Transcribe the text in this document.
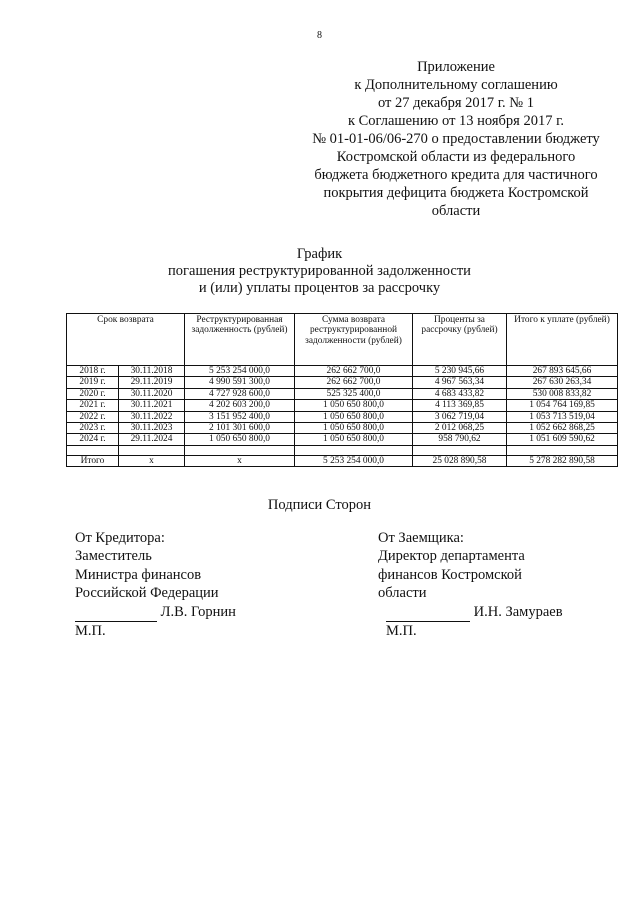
8
Приложение
к Дополнительному соглашению
от 27 декабря 2017 г. № 1
к Соглашению от 13 ноября 2017 г.
№ 01-01-06/06-270 о предоставлении бюджету
Костромской области из федерального
бюджета бюджетного кредита для частичного
покрытия дефицита бюджета Костромской
области
График
погашения реструктурированной задолженности
и (или) уплаты процентов за рассрочку
Срок возврата		Реструктурированная задолженность (рублей)	Сумма возврата реструктурированной задолженности (рублей)	Проценты за рассрочку (рублей)	Итого к уплате (рублей)
2018 г.	30.11.2018	5 253 254 000,0	262 662 700,0	5 230 945,66	267 893 645,66
2019 г.	29.11.2019	4 990 591 300,0	262 662 700,0	4 967 563,34	267 630 263,34
2020 г.	30.11.2020	4 727 928 600,0	525 325 400,0	4 683 433,82	530 008 833,82
2021 г.	30.11.2021	4 202 603 200,0	1 050 650 800,0	4 113 369,85	1 054 764 169,85
2022 г.	30.11.2022	3 151 952 400,0	1 050 650 800,0	3 062 719,04	1 053 713 519,04
2023 г.	30.11.2023	2 101 301 600,0	1 050 650 800,0	2 012 068,25	1 052 662 868,25
2024 г.	29.11.2024	1 050 650 800,0	1 050 650 800,0	958 790,62	1 051 609 590,62

Итого	x	x	5 253 254 000,0	25 028 890,58	5 278 282 890,58
Подписи Сторон
От Кредитора:
Заместитель
Министра финансов
Российской Федерации
Л.В. Горнин
М.П.
От Заемщика:
Директор департамента
финансов Костромской
области
И.Н. Замураев
М.П.
